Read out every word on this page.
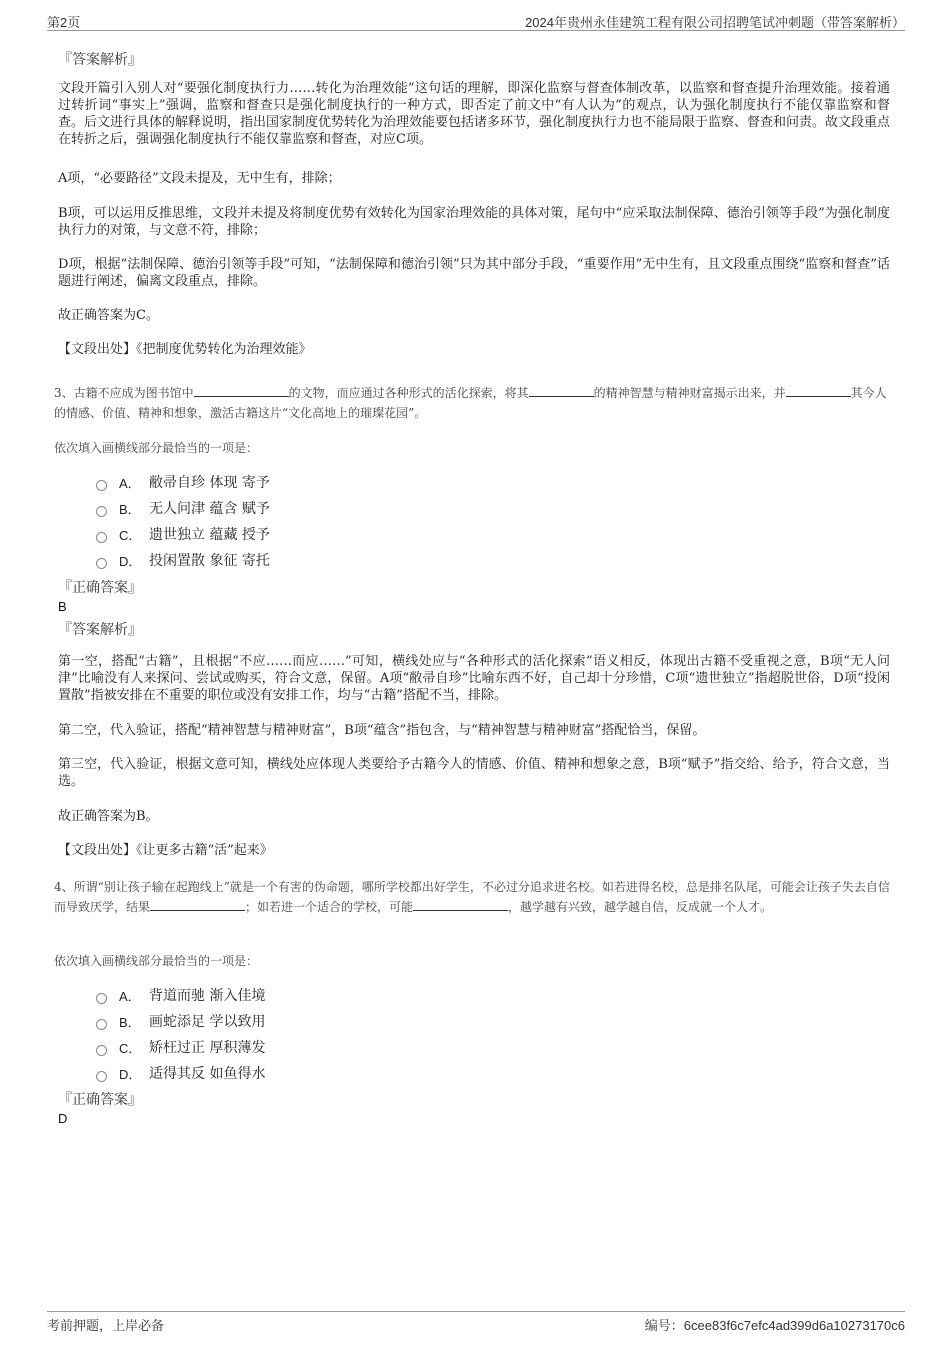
第2页	2024年贵州永佳建筑工程有限公司招聘笔试冲刺题（带答案解析）

『答案解析』

文段开篇引入别人对“要强化制度执行力……转化为治理效能”这句话的理解，即深化监察与督查体制改革，以监察和督查提升治理效能。接着通过转折词“事实上”强调，监察和督查只是强化制度执行的一种方式，即否定了前文中“有人认为”的观点，认为强化制度执行不能仅靠监察和督查。后文进行具体的解释说明，指出国家制度优势转化为治理效能要包括诸多环节，强化制度执行力也不能局限于监察、督查和问责。故文段重点在转折之后，强调强化制度执行不能仅靠监察和督查，对应C项。

A项，“必要路径”文段未提及，无中生有，排除；

B项，可以运用反推思维，文段并未提及将制度优势有效转化为国家治理效能的具体对策，尾句中“应采取法制保障、德治引领等手段”为强化制度执行力的对策，与文意不符，排除；

D项，根据“法制保障、德治引领等手段”可知，“法制保障和德治引领”只为其中部分手段，“重要作用”无中生有，且文段重点围绕“监察和督查”话题进行阐述，偏离文段重点，排除。

故正确答案为C。

【文段出处】《把制度优势转化为治理效能》

3、古籍不应成为图书馆中	的文物，而应通过各种形式的活化探索，将其	的精神智慧与精神财富揭示出来，并	其今人的情感、价值、精神和想象，激活古籍这片“文化高地上的璀璨花园”。

依次填入画横线部分最恰当的一项是：

A． 敝帚自珍 体现 寄予
B． 无人问津 蕴含 赋予
C． 遗世独立 蕴藏 授予
D． 投闲置散 象征 寄托

『正确答案』

B

『答案解析』

第一空，搭配“古籍”，且根据“不应……而应……”可知，横线处应与“各种形式的活化探索”语义相反，体现出古籍不受重视之意，B项“无人问津”比喻没有人来探问、尝试或购买，符合文意，保留。A项“敝帚自珍”比喻东西不好，自己却十分珍惜，C项“遗世独立”指超脱世俗，D项“投闲置散”指被安排在不重要的职位或没有安排工作，均与“古籍”搭配不当，排除。

第二空，代入验证，搭配“精神智慧与精神财富”，B项“蕴含”指包含，与“精神智慧与精神财富”搭配恰当，保留。

第三空，代入验证，根据文意可知，横线处应体现人类要给予古籍今人的情感、价值、精神和想象之意，B项“赋予”指交给、给予，符合文意，当选。

故正确答案为B。

【文段出处】《让更多古籍“活”起来》

4、所谓“别让孩子输在起跑线上”就是一个有害的伪命题，哪所学校都出好学生，不必过分追求进名校。如若进得名校，总是排名队尾，可能会让孩子失去自信而导致厌学，结果	；如若进一个适合的学校，可能	，越学越有兴致，越学越自信，反成就一个人才。

依次填入画横线部分最恰当的一项是：

A． 背道而驰 渐入佳境
B． 画蛇添足 学以致用
C． 矫枉过正 厚积薄发
D． 适得其反 如鱼得水

『正确答案』

D

考前押题，上岸必备	编号：6cee83f6c7efc4ad399d6a10273170c6
